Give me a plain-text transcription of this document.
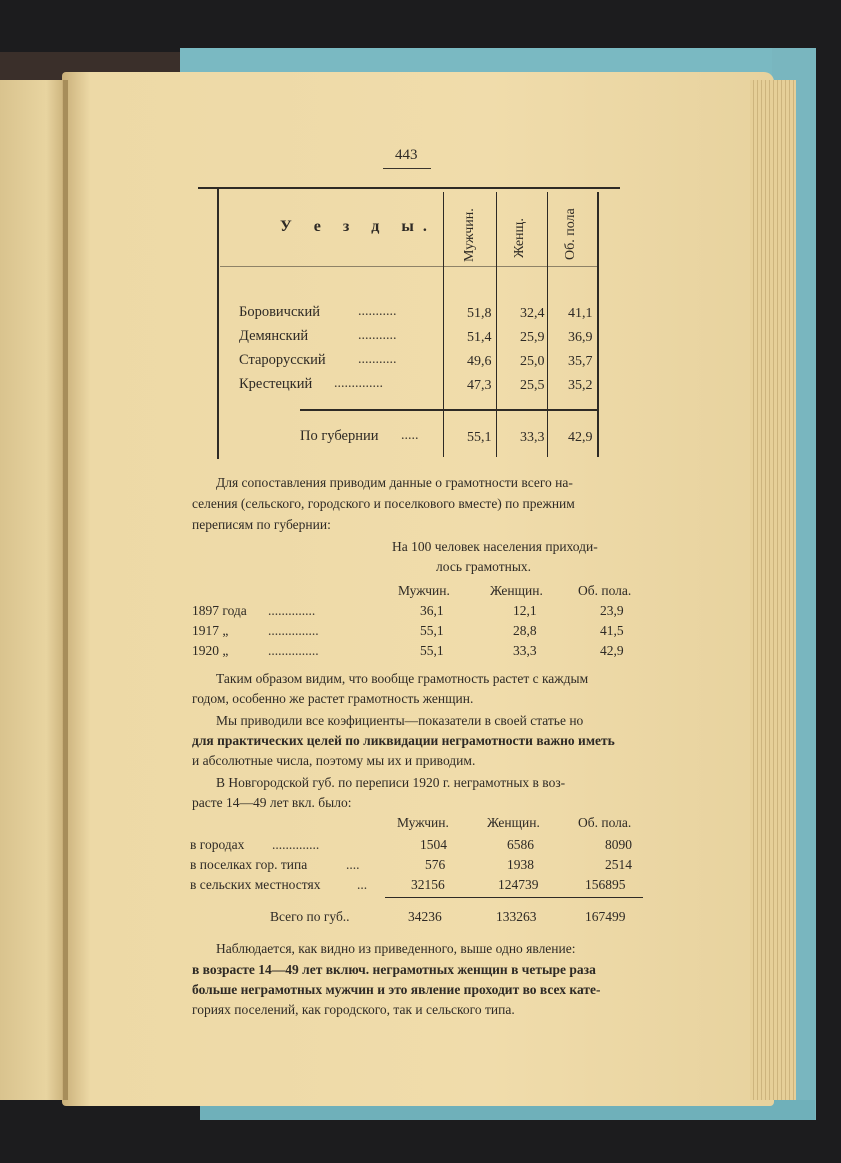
443
У е з д ы. Мужчин.	Женщ.	Об. пола
Боровичский	...........	51,8 32,4 41,1
Демянский	...........	51,4 25,9 36,9
Старорусский ...........	49,6 25,0 35,7
Крестецкий ..............	47,3 25,5 35,2
По губернии .....	55,1 33,3 42,9
Для сопоставления приводим данные о грамотности всего на-
селения (сельского, городского и поселкового вместе) по прежним
переписям по губернии:
На 100 человек населения приходи-
лось грамотных.
Мужчин.	Женщин.	Об. пола.
1897 года ..............	36,1	12,1	23,9
1917 „	...............	55,1	28,8	41,5
1920 „	...............	55,1	33,3	42,9
Таким образом видим, что вообще грамотность растет с каждым
годом, особенно же растет грамотность женщин.
Мы приводили все коэфициенты—показатели в своей статье но
для практических целей по ликвидации неграмотности важно иметь
и абсолютные числа, поэтому мы их и приводим.
В Новгородской губ. по переписи 1920 г. неграмотных в воз-
расте 14—49 лет вкл. было:
Мужчин.	Женщин.	Об. пола.
в городах ..............	1504	6586	8090
в поселках гор. типа	....	576	1938	2514
в сельских местностях	...	32156	124739	156895
Всего по губ..	34236	133263	167499
Наблюдается, как видно из приведенного, выше одно явление:
в возрасте 14—49 лет включ. неграмотных женщин в четыре раза
больше неграмотных мужчин и это явление проходит во всех кате-
гориях поселений, как городского, так и сельского типа.
